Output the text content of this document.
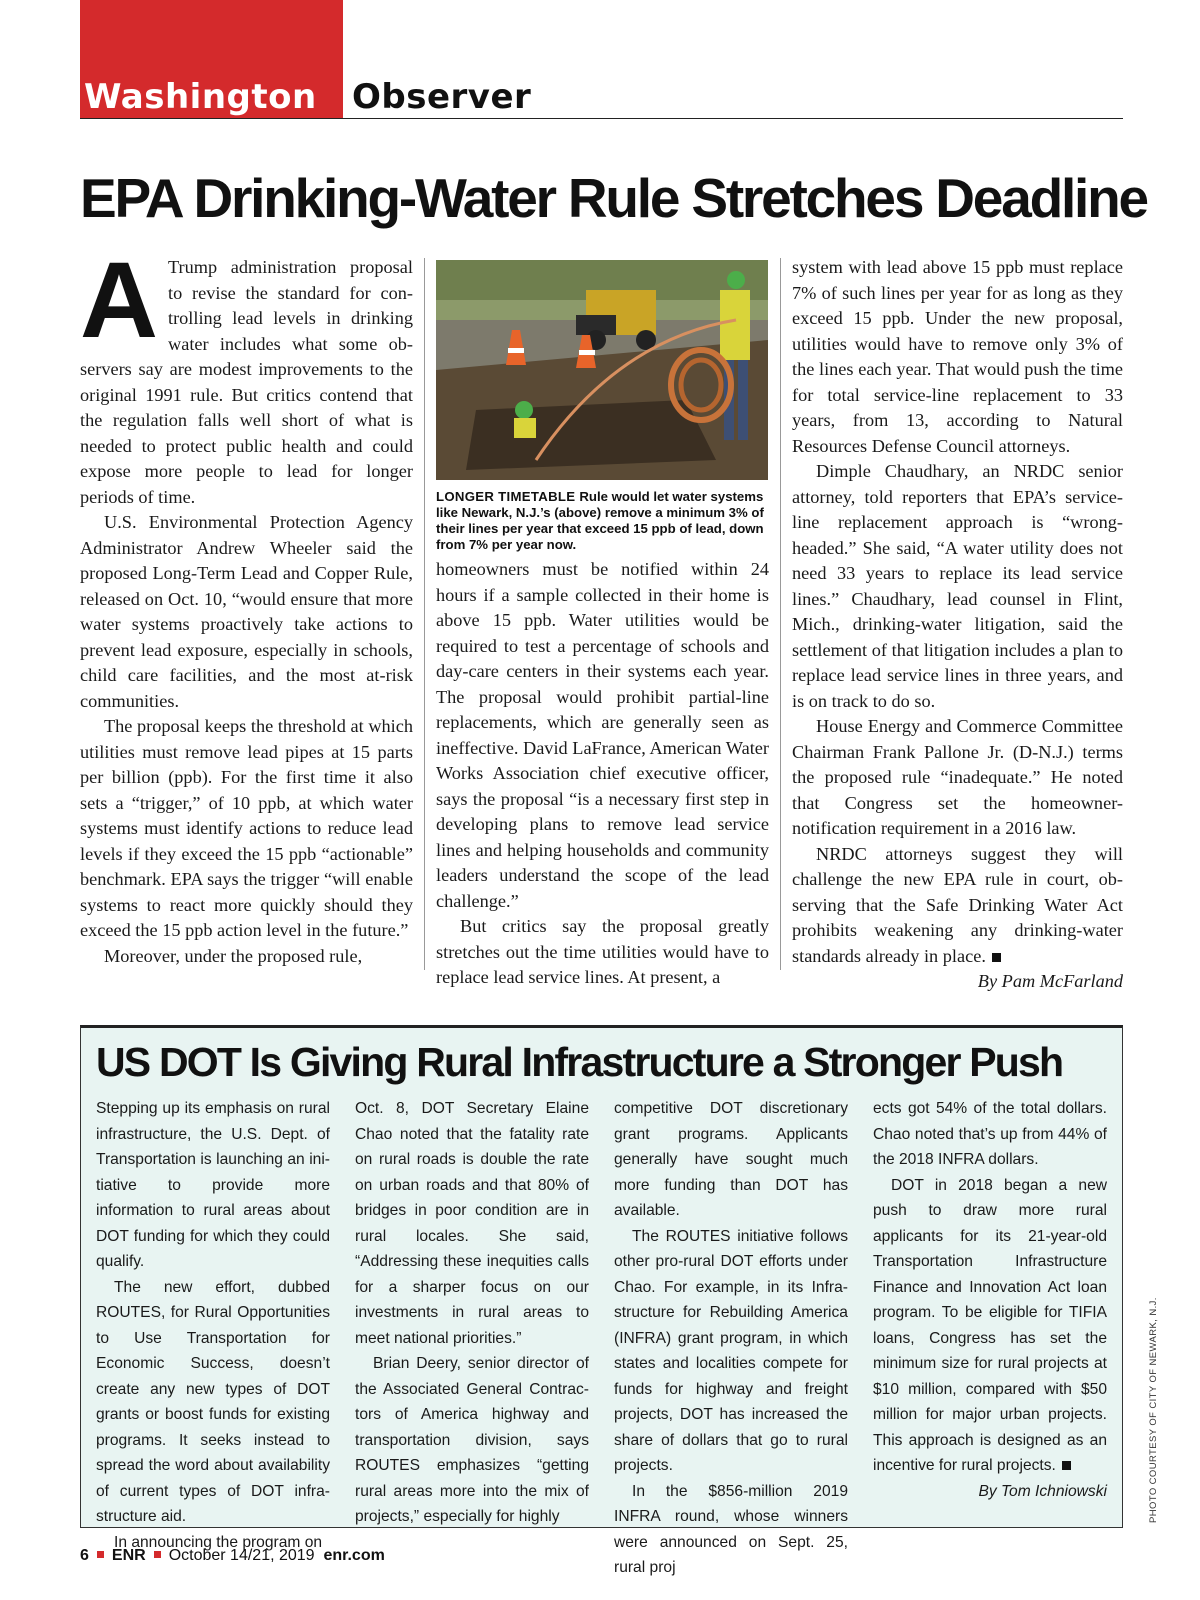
Washington Observer
EPA Drinking-Water Rule Stretches Deadline
A Trump administration proposal to revise the standard for controlling lead levels in drinking water includes what some observers say are modest improvements to the original 1991 rule. But critics contend that the regulation falls well short of what is needed to protect public health and could expose more people to lead for longer periods of time.

U.S. Environmental Protection Agency Administrator Andrew Wheeler said the proposed Long-Term Lead and Copper Rule, released on Oct. 10, “would ensure that more water systems proactively take actions to prevent lead exposure, especially in schools, child care facilities, and the most at-risk communities.

The proposal keeps the threshold at which utilities must remove lead pipes at 15 parts per billion (ppb). For the first time it also sets a “trigger,” of 10 ppb, at which water systems must identify actions to reduce lead levels if they exceed the 15 ppb “actionable” benchmark. EPA says the trigger “will enable systems to react more quickly should they exceed the 15 ppb action level in the future.”

Moreover, under the proposed rule,

LONGER TIMETABLE Rule would let water systems like Newark, N.J.’s (above) remove a minimum 3% of their lines per year that exceed 15 ppb of lead, down from 7% per year now.

homeowners must be notified within 24 hours if a sample collected in their home is above 15 ppb. Water utilities would be required to test a percentage of schools and day-care centers in their systems each year. The proposal would prohibit partial-line replacements, which are generally seen as ineffective. David LaFrance, American Water Works Association chief executive officer, says the proposal “is a necessary first step in developing plans to remove lead service lines and helping households and community leaders understand the scope of the lead challenge.”

But critics say the proposal greatly stretches out the time utilities would have to replace lead service lines. At present, a

system with lead above 15 ppb must replace 7% of such lines per year for as long as they exceed 15 ppb. Under the new proposal, utilities would have to remove only 3% of the lines each year. That would push the time for total service-line replacement to 33 years, from 13, according to Natural Resources Defense Council attorneys.

Dimple Chaudhary, an NRDC senior attorney, told reporters that EPA’s service-line replacement approach is “wrong-headed.” She said, “A water utility does not need 33 years to replace its lead service lines.” Chaudhary, lead counsel in Flint, Mich., drinking-water litigation, said the settlement of that litigation includes a plan to replace lead service lines in three years, and is on track to do so.

House Energy and Commerce Committee Chairman Frank Pallone Jr. (D-N.J.) terms the proposed rule “inadequate.” He noted that Congress set the homeowner-notification requirement in a 2016 law.

NRDC attorneys suggest they will challenge the new EPA rule in court, observing that the Safe Drinking Water Act prohibits weakening any drinking-water standards already in place.

By Pam McFarland
US DOT Is Giving Rural Infrastructure a Stronger Push

Stepping up its emphasis on rural infrastructure, the U.S. Dept. of Transportation is launching an initiative to provide more information to rural areas about DOT funding for which they could qualify.

The new effort, dubbed ROUTES, for Rural Opportunities to Use Transportation for Economic Success, doesn’t create any new types of DOT grants or boost funds for existing programs. It seeks instead to spread the word about availability of current types of DOT infrastructure aid.

In announcing the program on

Oct. 8, DOT Secretary Elaine Chao noted that the fatality rate on rural roads is double the rate on urban roads and that 80% of bridges in poor condition are in rural locales. She said, “Addressing these inequities calls for a sharper focus on our investments in rural areas to meet national priorities.”

Brian Deery, senior director of the Associated General Contractors of America highway and transportation division, says ROUTES emphasizes “getting rural areas more into the mix of projects,” especially for highly

competitive DOT discretionary grant programs. Applicants generally have sought much more funding than DOT has available.

The ROUTES initiative follows other pro-rural DOT efforts under Chao. For example, in its Infrastructure for Rebuilding America (INFRA) grant program, in which states and localities compete for funds for highway and freight projects, DOT has increased the share of dollars that go to rural projects.

In the $856-million 2019 INFRA round, whose winners were announced on Sept. 25, rural proj

ects got 54% of the total dollars. Chao noted that’s up from 44% of the 2018 INFRA dollars.

DOT in 2018 began a new push to draw more rural applicants for its 21-year-old Transportation Infrastructure Finance and Innovation Act loan program. To be eligible for TIFIA loans, Congress has set the minimum size for rural projects at $10 million, compared with $50 million for major urban projects. This approach is designed as an incentive for rural projects.

By Tom Ichniowski	PHOTO COURTESY OF CITY OF NEWARK, N.J.
6 ENR October 14/21, 2019 enr.com
